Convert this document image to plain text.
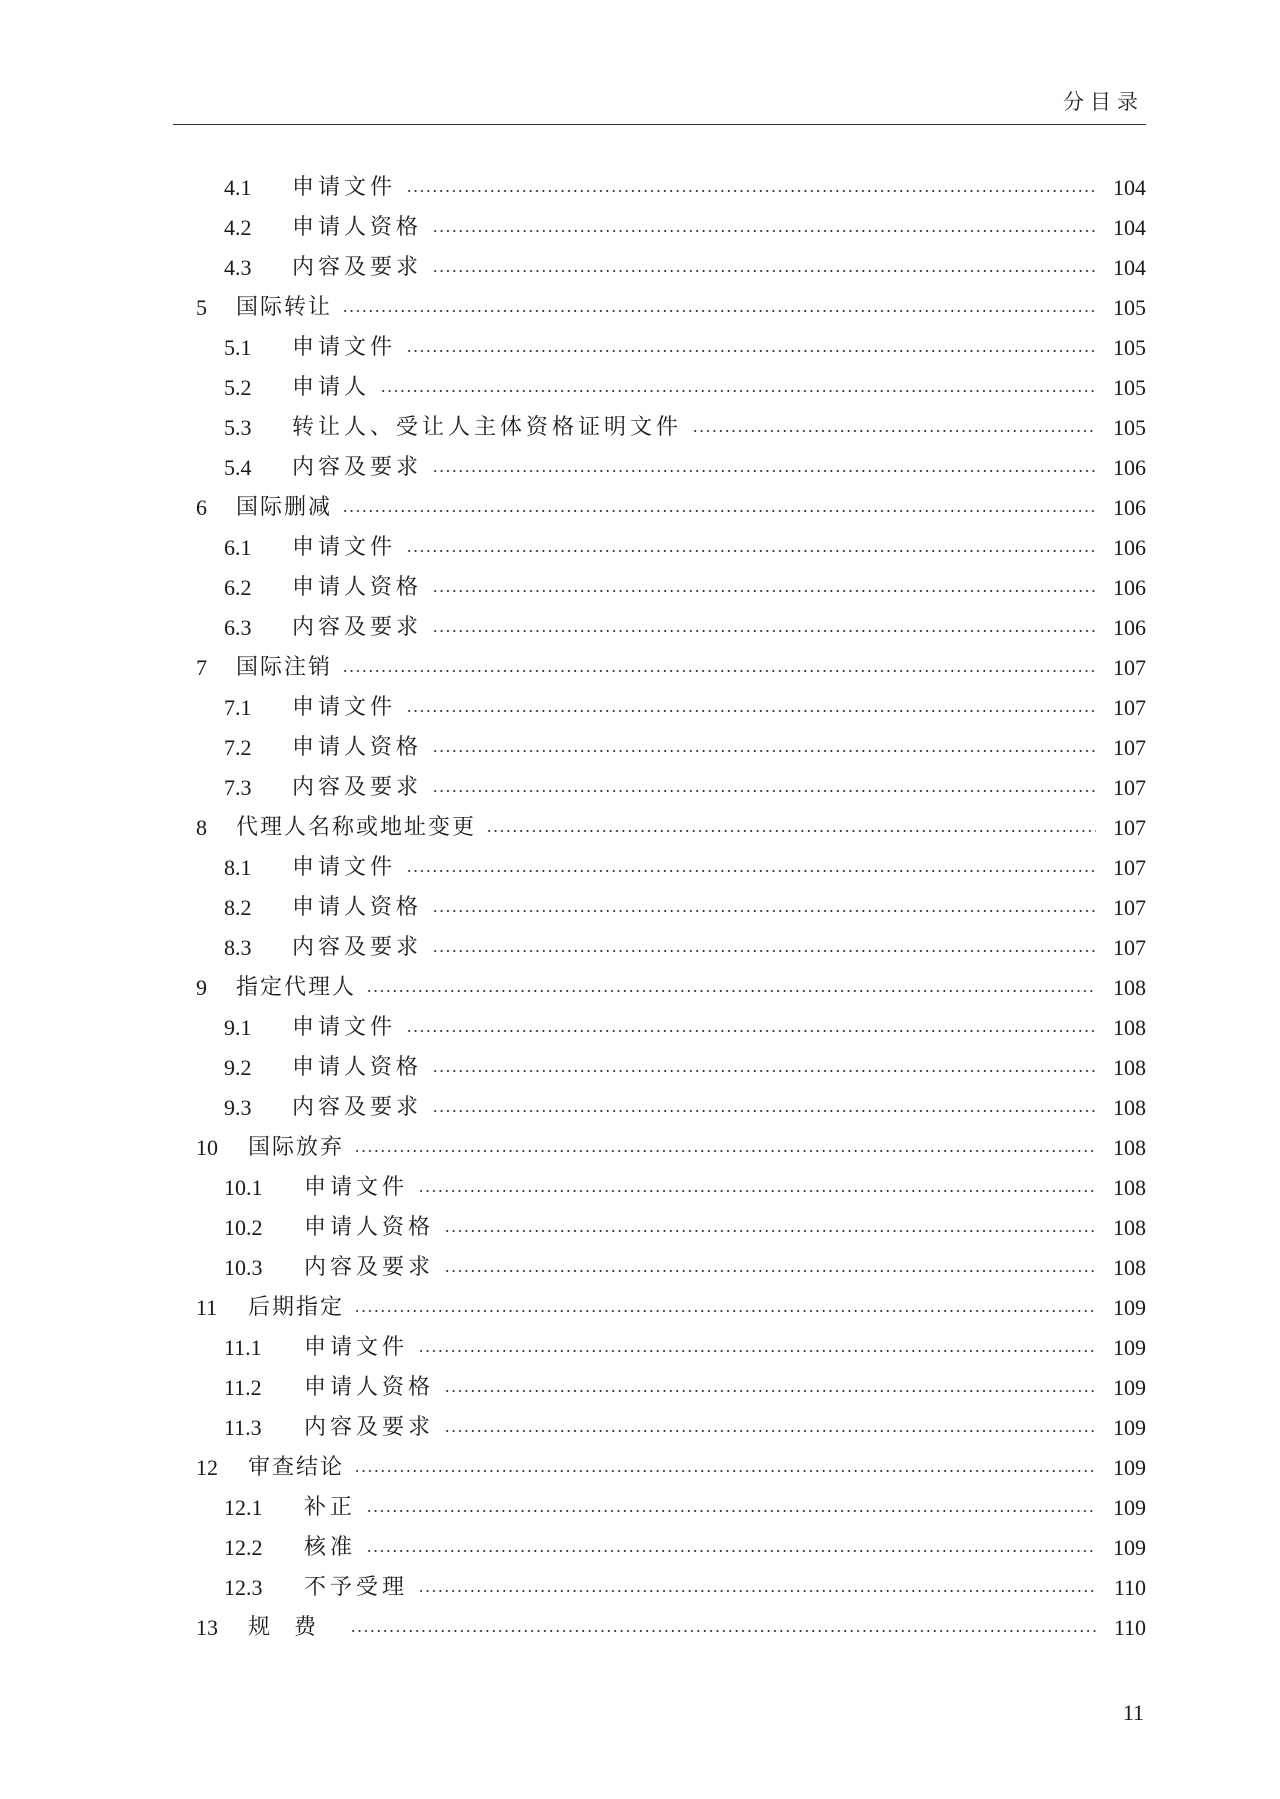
分目录
4.1	申请文件	104
4.2	申请人资格	104
4.3	内容及要求	104
5	国际转让	105
5.1	申请文件	105
5.2	申请人	105
5.3	转让人、受让人主体资格证明文件	105
5.4	内容及要求	106
6	国际删减	106
6.1	申请文件	106
6.2	申请人资格	106
6.3	内容及要求	106
7	国际注销	107
7.1	申请文件	107
7.2	申请人资格	107
7.3	内容及要求	107
8	代理人名称或地址变更	107
8.1	申请文件	107
8.2	申请人资格	107
8.3	内容及要求	107
9	指定代理人	108
9.1	申请文件	108
9.2	申请人资格	108
9.3	内容及要求	108
10	国际放弃	108
10.1	申请文件	108
10.2	申请人资格	108
10.3	内容及要求	108
11	后期指定	109
11.1	申请文件	109
11.2	申请人资格	109
11.3	内容及要求	109
12	审查结论	109
12.1	补正	109
12.2	核准	109
12.3	不予受理	110
13	规费	110
11
